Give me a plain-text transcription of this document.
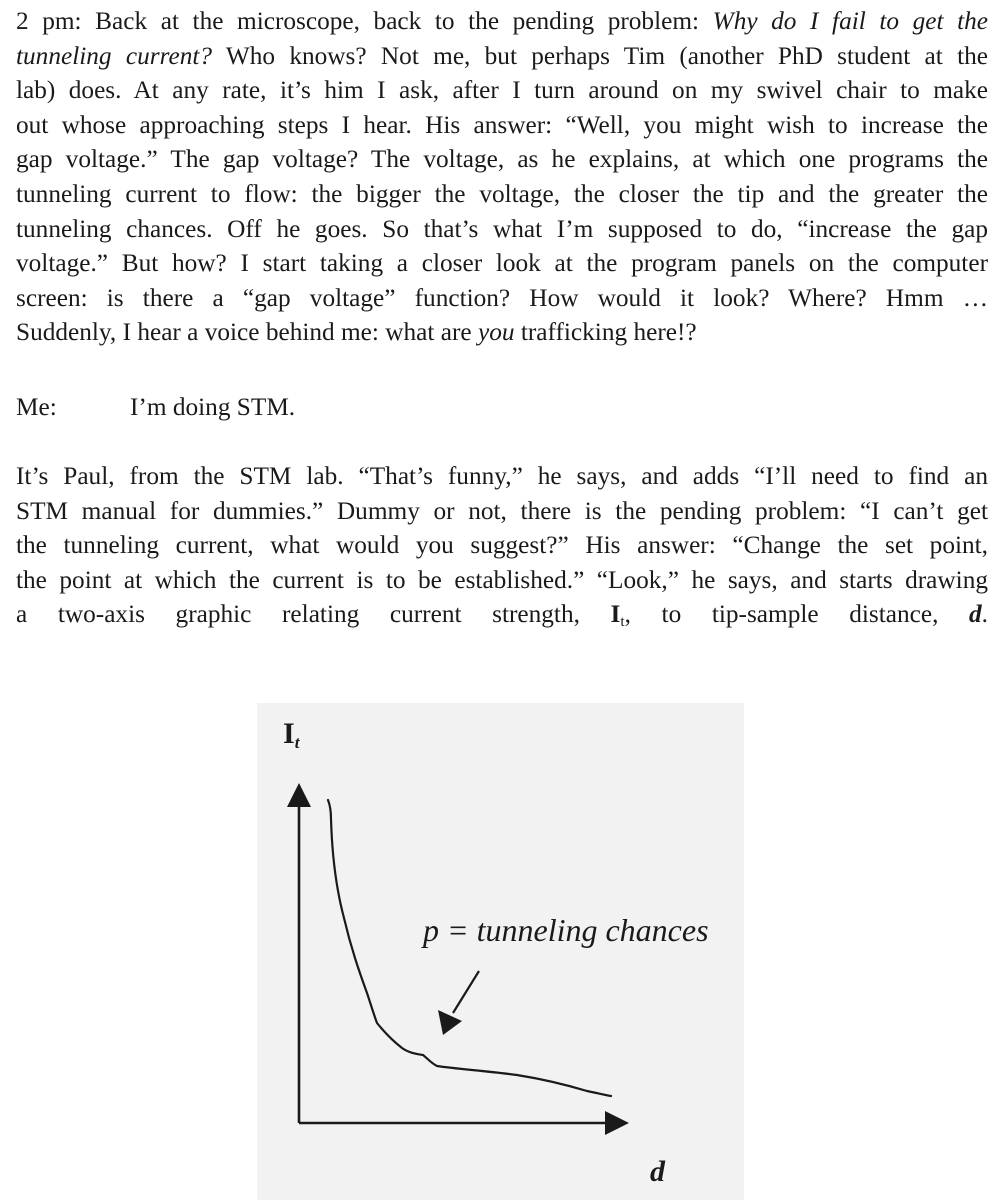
2 pm: Back at the microscope, back to the pending problem: Why do I fail to get the
tunneling current? Who knows? Not me, but perhaps Tim (another PhD student at the
lab) does. At any rate, it’s him I ask, after I turn around on my swivel chair to make
out whose approaching steps I hear. His answer: “Well, you might wish to increase the
gap voltage.” The gap voltage? The voltage, as he explains, at which one programs the
tunneling current to flow: the bigger the voltage, the closer the tip and the greater the
tunneling chances. Off he goes. So that’s what I’m supposed to do, “increase the gap
voltage.” But how? I start taking a closer look at the program panels on the computer
screen: is there a “gap voltage” function? How would it look? Where? Hmm …
Suddenly, I hear a voice behind me: what are you trafficking here!?
Me:	I’m doing STM.
It’s Paul, from the STM lab. “That’s funny,” he says, and adds “I’ll need to find an
STM manual for dummies.” Dummy or not, there is the pending problem: “I can’t get
the tunneling current, what would you suggest?” His answer: “Change the set point,
the point at which the current is to be established.” “Look,” he says, and starts drawing
a two-axis graphic relating current strength, $I_t$, to tip-sample distance, d.
It
d
p = tunneling chances
